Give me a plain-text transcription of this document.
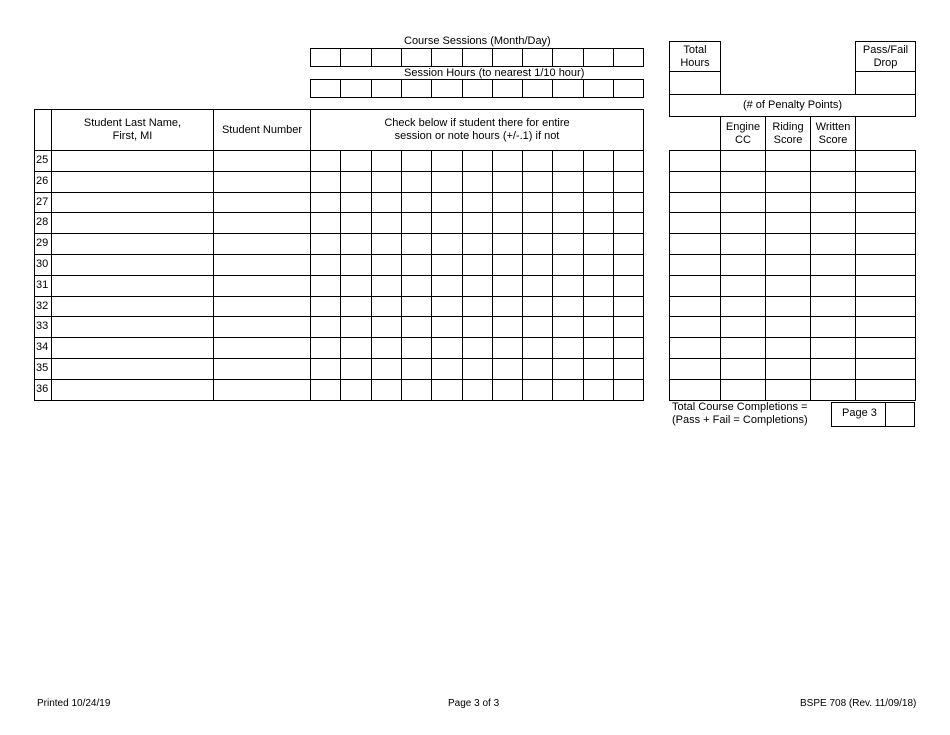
Course Sessions (Month/Day)
Session Hours (to nearest 1/10 hour)
Student Last Name,
First, MI
Student Number
Check below if student there for entire
session or note hours (+/-.1) if not
25
26
27
28
29
30
31
32
33
34
35
36
Total
Hours
Pass/Fail
Drop
(# of Penalty Points)
Engine
CC
Riding
Score
Written
Score
Total Course Completions =
(Pass + Fail = Completions)
Page 3
Printed 10/24/19	Page 3 of 3	BSPE 708 (Rev. 11/09/18)
